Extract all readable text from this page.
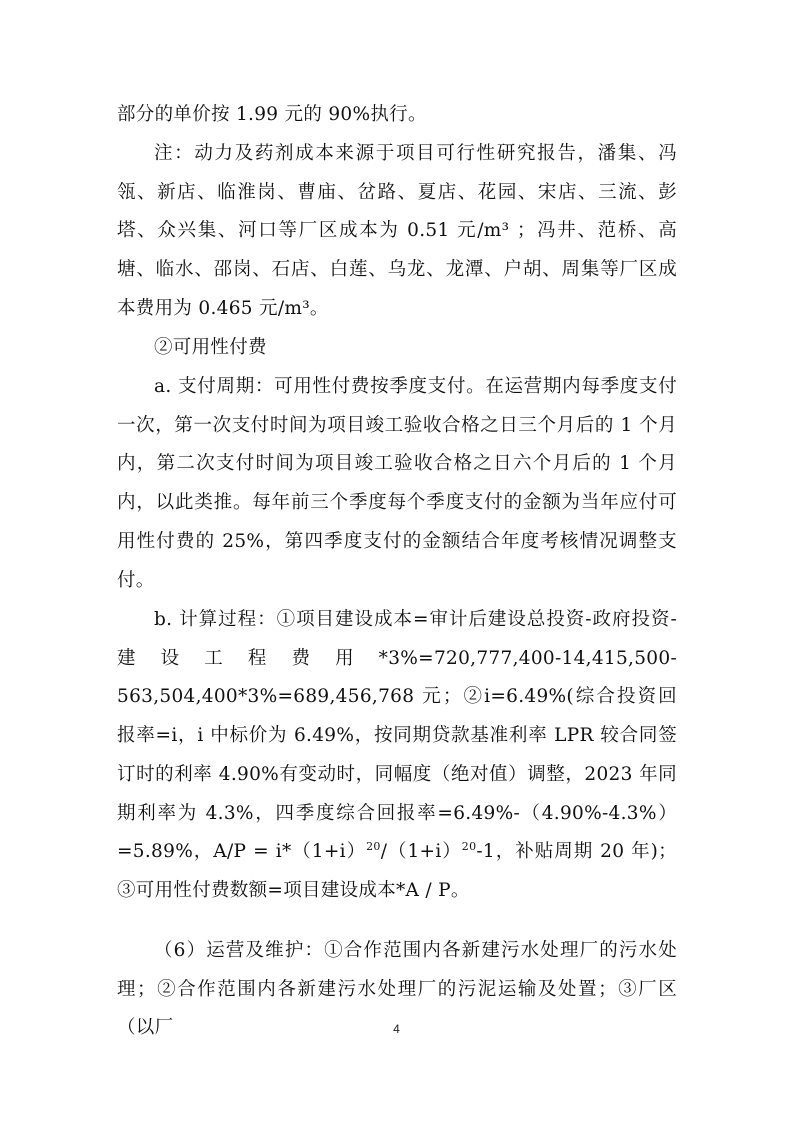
部分的单价按 1.99 元的 90%执行。

注：动力及药剂成本来源于项目可行性研究报告，潘集、冯瓴、新店、临淮岗、曹庙、岔路、夏店、花园、宋店、三流、彭塔、众兴集、河口等厂区成本为 0.51 元/m³ ；冯井、范桥、高塘、临水、邵岗、石店、白莲、乌龙、龙潭、户胡、周集等厂区成本费用为 0.465 元/m³。

②可用性付费

a. 支付周期：可用性付费按季度支付。在运营期内每季度支付一次，第一次支付时间为项目竣工验收合格之日三个月后的 1 个月内，第二次支付时间为项目竣工验收合格之日六个月后的 1 个月内，以此类推。每年前三个季度每个季度支付的金额为当年应付可用性付费的 25%，第四季度支付的金额结合年度考核情况调整支付。

b. 计算过程：①项目建设成本=审计后建设总投资-政府投资-建设工程费用*3%=720,777,400-14,415,500-563,504,400*3%=689,456,768 元；②i=6.49%(综合投资回报率=i，i 中标价为 6.49%，按同期贷款基准利率 LPR 较合同签订时的利率 4.90%有变动时，同幅度（绝对值）调整，2023 年同期利率为 4.3%，四季度综合回报率=6.49%-（4.90%-4.3%）=5.89%，$A/P = i*(1+i)^{20}/(1+i)^{20}-1$，补贴周期 20 年)；③可用性付费数额=项目建设成本*A / P。

（6）运营及维护：①合作范围内各新建污水处理厂的污水处理；②合作范围内各新建污水处理厂的污泥运输及处置；③厂区（以厂	4
